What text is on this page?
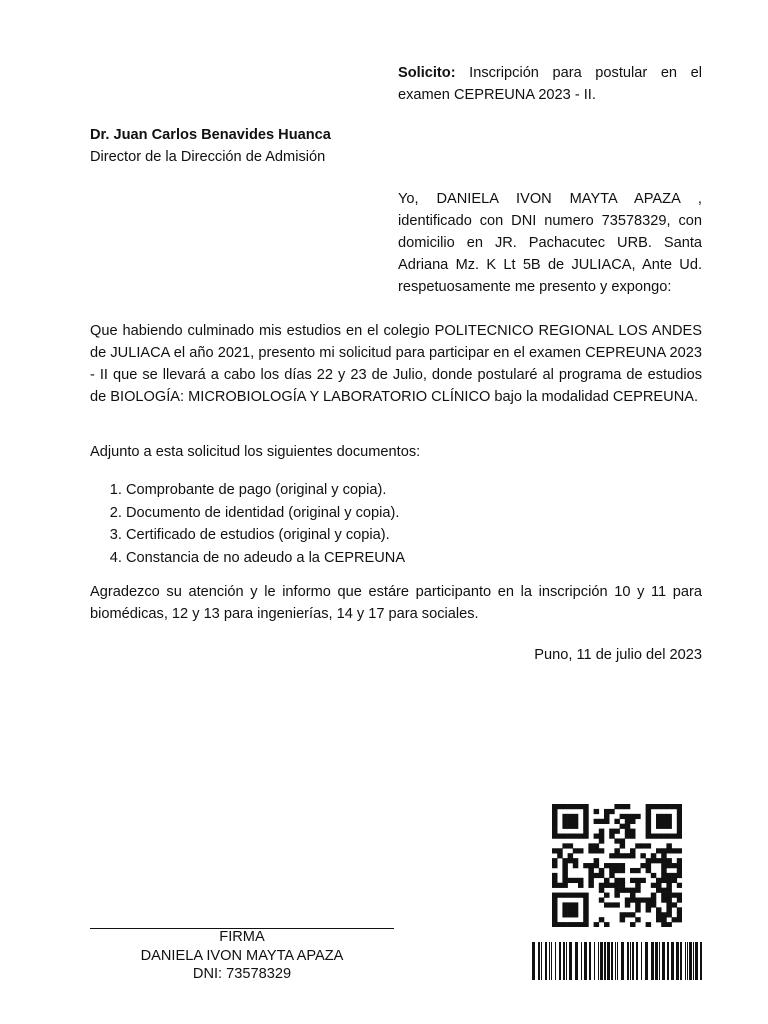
Solicito: Inscripción para postular en el examen CEPREUNA 2023 - II.
Dr. Juan Carlos Benavides Huanca
Director de la Dirección de Admisión
Yo, DANIELA IVON MAYTA APAZA , identificado con DNI numero 73578329, con domicilio en JR. Pachacutec URB. Santa Adriana Mz. K Lt 5B de JULIACA, Ante Ud. respetuosamente me presento y expongo:
Que habiendo culminado mis estudios en el colegio POLITECNICO REGIONAL LOS ANDES de JULIACA el año 2021, presento mi solicitud para participar en el examen CEPREUNA 2023 - II que se llevará a cabo los días 22 y 23 de Julio, donde postularé al programa de estudios de BIOLOGÍA: MICROBIOLOGÍA Y LABORATORIO CLÍNICO bajo la modalidad CEPREUNA.
Adjunto a esta solicitud los siguientes documentos:
1. Comprobante de pago (original y copia).
2. Documento de identidad (original y copia).
3. Certificado de estudios (original y copia).
4. Constancia de no adeudo a la CEPREUNA
Agradezco su atención y le informo que estáre participanto en la inscripción 10 y 11 para biomédicas, 12 y 13 para ingenierías, 14 y 17 para sociales.
Puno, 11 de julio del 2023
FIRMA
DANIELA IVON MAYTA APAZA
DNI: 73578329
